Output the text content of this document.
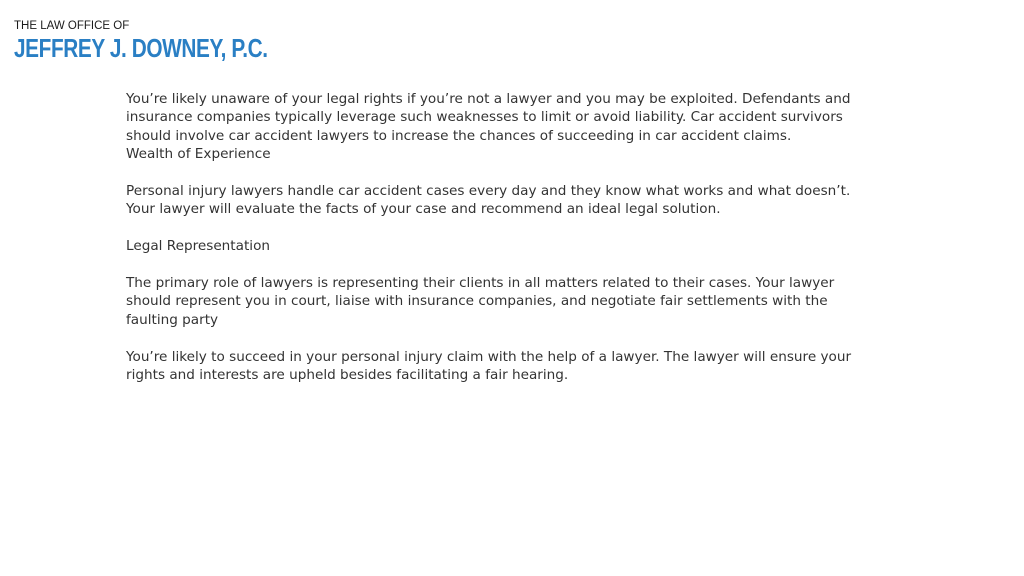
THE LAW OFFICE OF
JEFFREY J. DOWNEY, P.C.

You’re likely unaware of your legal rights if you’re not a lawyer and you may be exploited. Defendants and insurance companies typically leverage such weaknesses to limit or avoid liability. Car accident survivors should involve car accident lawyers to increase the chances of succeeding in car accident claims.

Wealth of Experience

Personal injury lawyers handle car accident cases every day and they know what works and what doesn’t. Your lawyer will evaluate the facts of your case and recommend an ideal legal solution.

Legal Representation

The primary role of lawyers is representing their clients in all matters related to their cases. Your lawyer should represent you in court, liaise with insurance companies, and negotiate fair settlements with the faulting party

You’re likely to succeed in your personal injury claim with the help of a lawyer. The lawyer will ensure your rights and interests are upheld besides facilitating a fair hearing.
